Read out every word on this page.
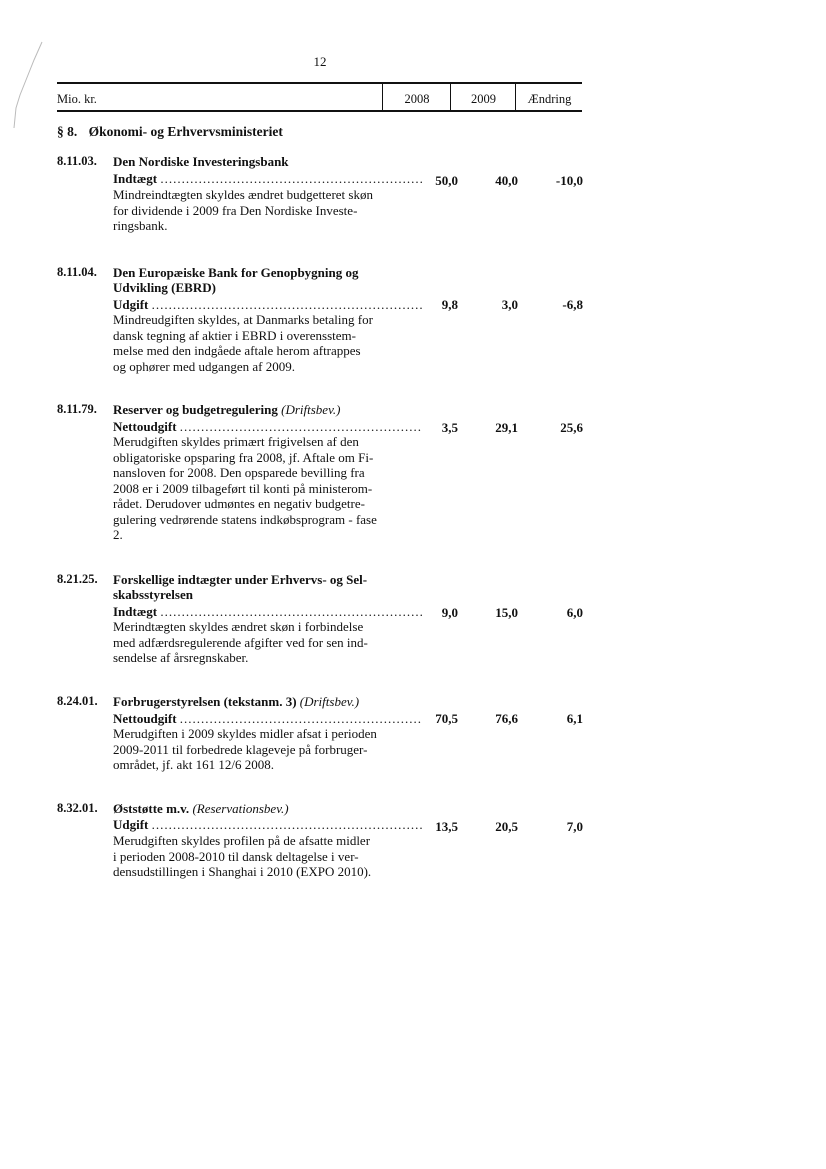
12
Mio. kr.	2008	2009	Ændring
§ 8. Økonomi- og Erhvervsministeriet
8.11.03. Den Nordiske Investeringsbank
Indtægt .............................................................. 50,0	40,0	-10,0
Mindreindtægten skyldes ændret budgetteret skøn
for dividende i 2009 fra Den Nordiske Investe-
ringsbank.
8.11.04. Den Europæiske Bank for Genopbygning og Udvikling (EBRD)
Udgift ................................................................	9,8	3,0	-6,8
Mindreudgiften skyldes, at Danmarks betaling for
dansk tegning af aktier i EBRD i overensstem-
melse med den indgåede aftale herom aftrappes
og ophører med udgangen af 2009.
8.11.79. Reserver og budgetregulering (Driftsbev.)
Nettoudgift .........................................................	3,5	29,1	25,6
Merudgiften skyldes primært frigivelsen af den
obligatoriske opsparing fra 2008, jf. Aftale om Fi-
nansloven for 2008. Den opsparede bevilling fra
2008 er i 2009 tilbageført til konti på ministerom-
rådet. Derudover udmøntes en negativ budgetre-
gulering vedrørende statens indkøbsprogram - fase
2.
8.21.25. Forskellige indtægter under Erhvervs- og Sel-skabsstyrelsen
Indtægt ..............................................................	9,0	15,0	6,0
Merindtægten skyldes ændret skøn i forbindelse
med adfærdsregulerende afgifter ved for sen ind-
sendelse af årsregnskaber.
8.24.01. Forbrugerstyrelsen (tekstanm. 3) (Driftsbev.)
Nettoudgift .........................................................	70,5	76,6	6,1
Merudgiften i 2009 skyldes midler afsat i perioden
2009-2011 til forbedrede klageveje på forbruger-
området, jf. akt 161 12/6 2008.
8.32.01. Øststøtte m.v. (Reservationsbev.)
Udgift ................................................................ 13,5	20,5	7,0
Merudgiften skyldes profilen på de afsatte midler
i perioden 2008-2010 til dansk deltagelse i ver-
densudstillingen i Shanghai i 2010 (EXPO 2010).
